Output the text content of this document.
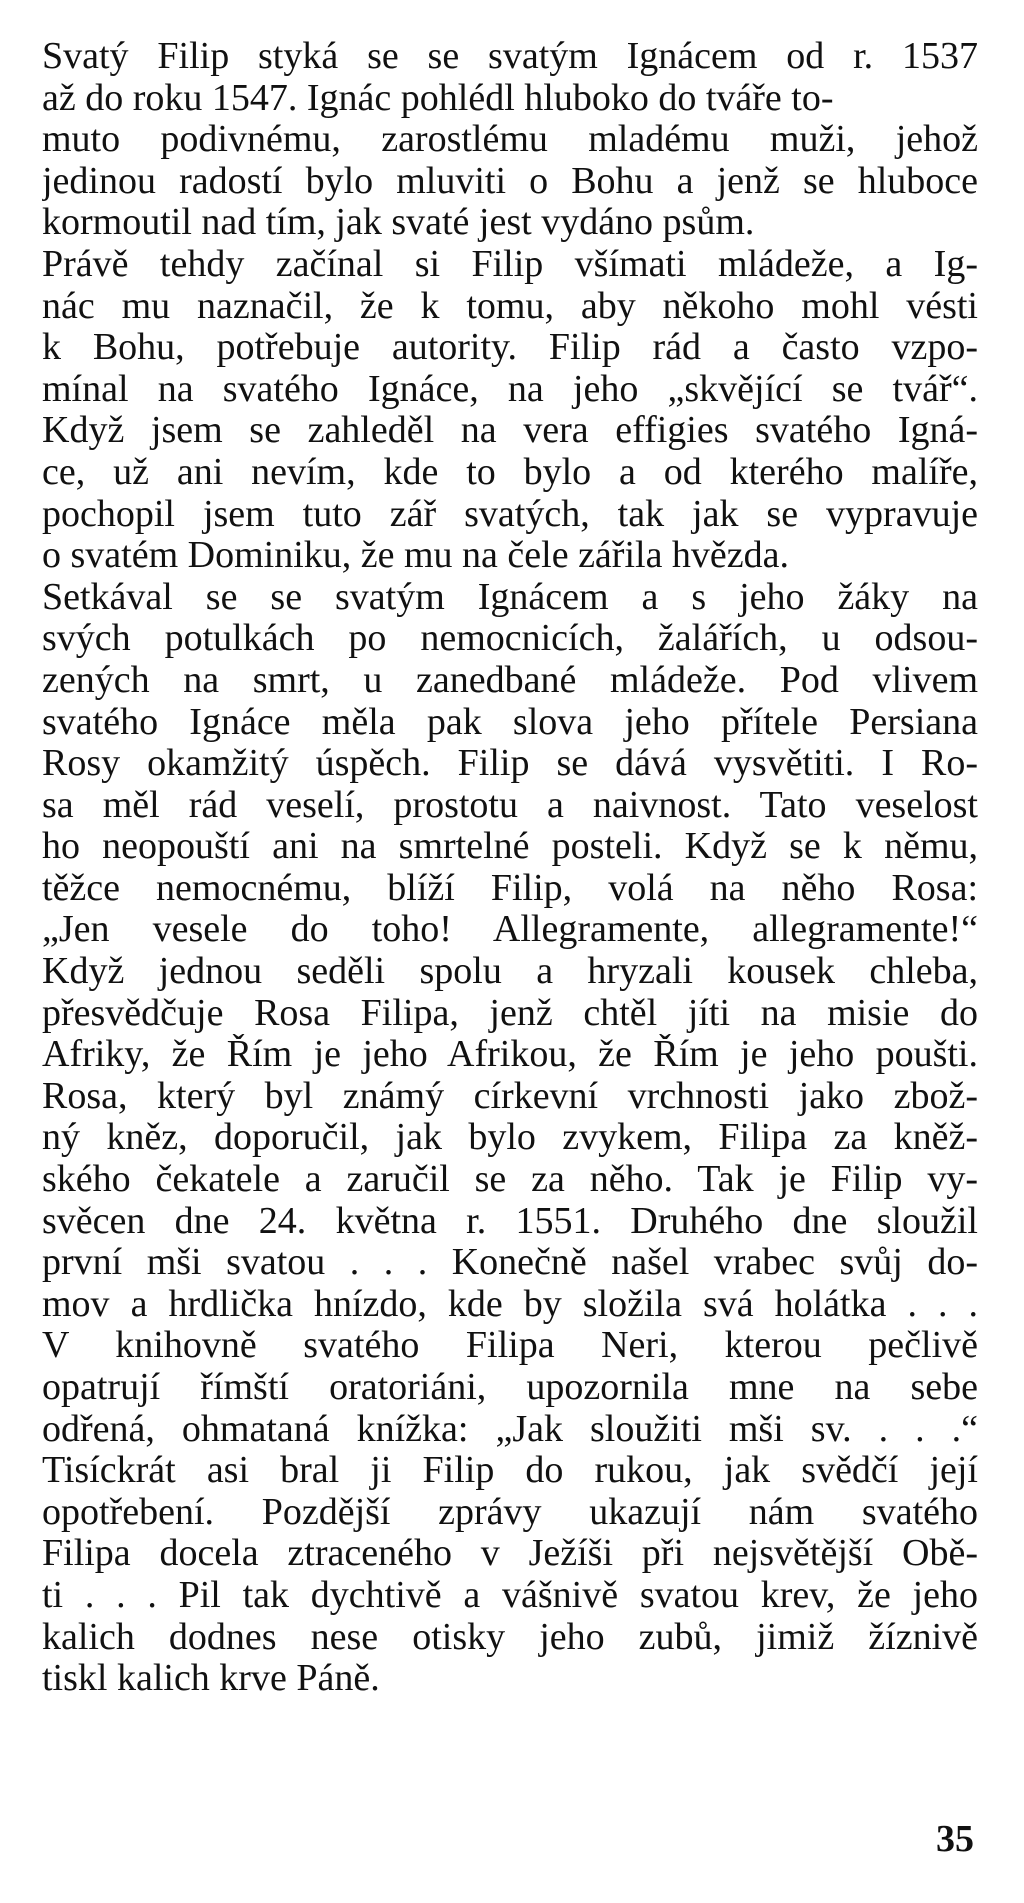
Svatý Filip styká se se svatým Ignácem od r. 1537
až do roku 1547. Ignác pohlédl hluboko do tváře to-
muto podivnému, zarostlému mladému muži, jehož
jedinou radostí bylo mluviti o Bohu a jenž se hluboce
kormoutil nad tím, jak svaté jest vydáno psům.
Právě tehdy začínal si Filip všímati mládeže, a Ig-
nác mu naznačil, že k tomu, aby někoho mohl vésti
k Bohu, potřebuje autority. Filip rád a často vzpo-
mínal na svatého Ignáce, na jeho „skvějící se tvář“.
Když jsem se zahleděl na vera effigies svatého Igná-
ce, už ani nevím, kde to bylo a od kterého malíře,
pochopil jsem tuto zář svatých, tak jak se vypravuje
o svatém Dominiku, že mu na čele zářila hvězda.
Setkával se se svatým Ignácem a s jeho žáky na
svých potulkách po nemocnicích, žalářích, u odsou-
zených na smrt, u zanedbané mládeže. Pod vlivem
svatého Ignáce měla pak slova jeho přítele Persiana
Rosy okamžitý úspěch. Filip se dává vysvětiti. I Ro-
sa měl rád veselí, prostotu a naivnost. Tato veselost
ho neopouští ani na smrtelné posteli. Když se k němu,
těžce nemocnému, blíží Filip, volá na něho Rosa:
„Jen vesele do toho! Allegramente, allegramente!“
Když jednou seděli spolu a hryzali kousek chleba,
přesvědčuje Rosa Filipa, jenž chtěl jíti na misie do
Afriky, že Řím je jeho Afrikou, že Řím je jeho poušti.
Rosa, který byl známý církevní vrchnosti jako zbož-
ný kněz, doporučil, jak bylo zvykem, Filipa za kněž-
ského čekatele a zaručil se za něho. Tak je Filip vy-
svěcen dne 24. května r. 1551. Druhého dne sloužil
první mši svatou . . . Konečně našel vrabec svůj do-
mov a hrdlička hnízdo, kde by složila svá holátka . . .
V knihovně svatého Filipa Neri, kterou pečlivě
opatrují římští oratoriáni, upozornila mne na sebe
odřená, ohmataná knížka: „Jak sloužiti mši sv. . . .“
Tisíckrát asi bral ji Filip do rukou, jak svědčí její
opotřebení. Pozdější zprávy ukazují nám svatého
Filipa docela ztraceného v Ježíši při nejsvětější Obě-
ti . . . Pil tak dychtivě a vášnivě svatou krev, že jeho
kalich dodnes nese otisky jeho zubů, jimiž žíznivě
tiskl kalich krve Páně.
35
